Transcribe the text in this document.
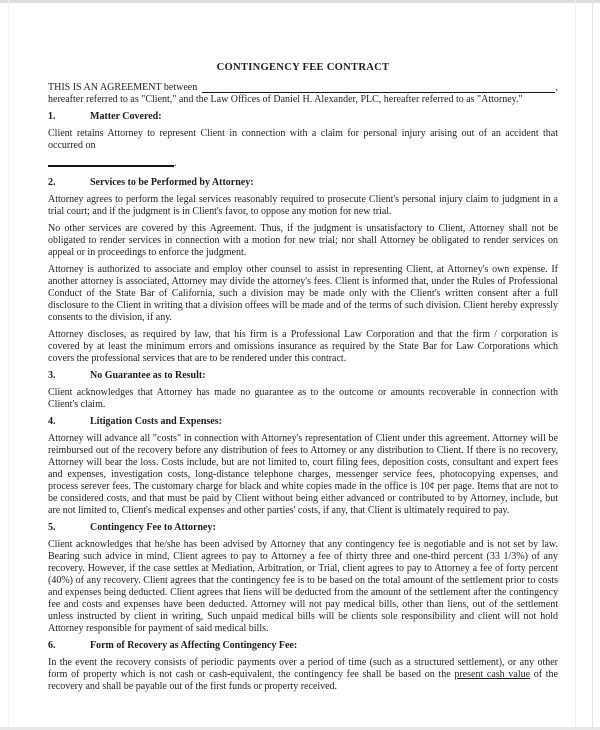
CONTINGENCY FEE CONTRACT
THIS IS AN AGREEMENT between	,
hereafter referred to as "Client," and the Law Offices of Daniel H. Alexander, PLC, hereafter referred to as "Attorney."
1.	Matter Covered:

Client retains Attorney to represent Client in connection with a claim for personal injury arising out of an accident that occurred on

.
2.	Services to be Performed by Attorney:

Attorney agrees to perform the legal services reasonably required to prosecute Client's personal injury claim to judgment in a trial court; and if the judgment is in Client's favor, to oppose any motion for new trial.

No other services are covered by this Agreement. Thus, if the judgment is unsatisfactory to Client, Attorney shall not be obligated to render services in connection with a motion for new trial; nor shall Attorney be obligated to render services on appeal or in proceedings to enforce the judgment.

Attorney is authorized to associate and employ other counsel to assist in representing Client, at Attorney's own expense. If another attorney is associated, Attorney may divide the attorney's fees. Client is informed that, under the Rules of Professional Conduct of the State Bar of California, such a division may be made only with the Client's written consent after a full disclosure to the Client in writing that a division offees will be made and of the terms of such division. Client hereby expressly consents to the division, if any.

Attorney discloses, as required by law, that his firm is a Professional Law Corporation and that the firm / corporation is covered by at least the minimum errors and omissions insurance as required by the State Bar for Law Corporations which covers the professional services that are to be rendered under this contract.

3.	No Guarantee as to Result:

Client acknowledges that Attorney has made no guarantee as to the outcome or amounts recoverable in connection with Client's claim.

4.	Litigation Costs and Expenses:

Attorney will advance all "costs" in connection with Attorney's representation of Client under this agreement. Attorney will be reimbursed out of the recovery before any distribution of fees to Attorney or any distribution to Client. If there is no recovery, Attorney will bear the loss. Costs include, but are not limited to, court filing fees, deposition costs, consultant and expert fees and expenses, investigation costs, long-distance telephone charges, messenger service fees, photocopying expenses, and process serever fees. The customary charge for black and white copies made in the office is 10¢ per page. Items that are not to be considered costs, and that must be paid by Client without being either advanced or contributed to by Attorney, include, but are not limited to, Client's medical expenses and other parties' costs, if any, that Client is ultimately required to pay.

5.	Contingency Fee to Attorney:

Client acknowledges that he/she has been advised by Attorney that any contingency fee is negotiable and is not set by law. Bearing such advice in mind, Client agrees to pay to Attorney a fee of thirty three and one-third percent (33 1/3%) of any recovery. However, if the case settles at Mediation, Arbitration, or Trial, client agrees to pay to Attorney a fee of forty percent (40%) of any recovery. Client agrees that the contingency fee is to be based on the total amount of the settlement prior to costs and expenses being deducted. Client agrees that liens will be deducted from the amount of the settlement after the contingency fee and costs and expenses have been deducted. Attorney will not pay medical bills, other than liens, out of the settlement unless instructed by client in writing, Such unpaid medical bills will be clients sole responsibility and client will not hold Attorney responsible for payment of said medical bills.

6.	Form of Recovery as Affecting Contingency Fee:

In the event the recovery consists of periodic payments over a period of time (such as a structured settlement), or any other form of property which is not cash or cash-equivalent, the contingency fee shall be based on the present cash value of the recovery and shall be payable out of the first funds or property received.
